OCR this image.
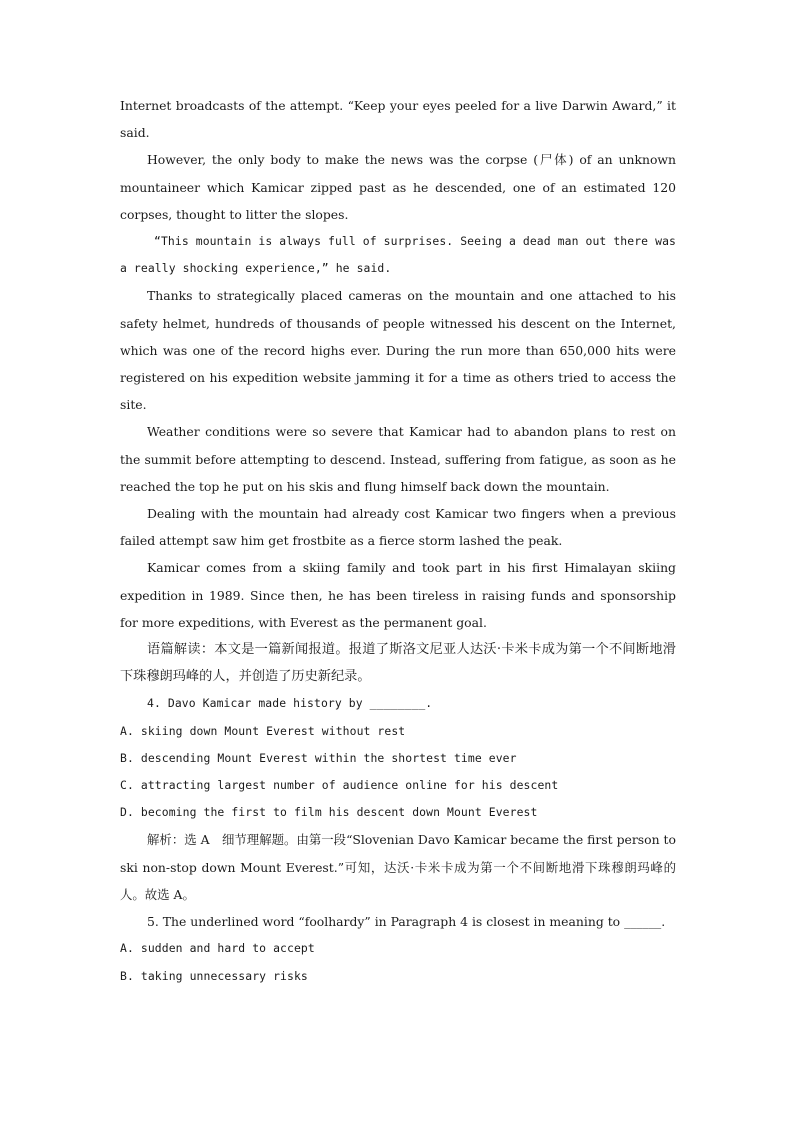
Internet broadcasts of the attempt. “Keep your eyes peeled for a live Darwin Award,” it said.

However, the only body to make the news was the corpse (尸体) of an unknown mountaineer which Kamicar zipped past as he descended, one of an estimated 120 corpses, thought to litter the slopes.

“This mountain is always full of surprises. Seeing a dead man out there was a really shocking experience,” he said.

Thanks to strategically placed cameras on the mountain and one attached to his safety helmet, hundreds of thousands of people witnessed his descent on the Internet, which was one of the record highs ever. During the run more than 650,000 hits were registered on his expedition website jamming it for a time as others tried to access the site.

Weather conditions were so severe that Kamicar had to abandon plans to rest on the summit before attempting to descend. Instead, suffering from fatigue, as soon as he reached the top he put on his skis and flung himself back down the mountain.

Dealing with the mountain had already cost Kamicar two fingers when a previous failed attempt saw him get frostbite as a fierce storm lashed the peak.

Kamicar comes from a skiing family and took part in his first Himalayan skiing expedition in 1989. Since then, he has been tireless in raising funds and sponsorship for more expeditions, with Everest as the permanent goal.

语篇解读：本文是一篇新闻报道。报道了斯洛文尼亚人达沃·卡米卡成为第一个不间断地滑下珠穆朗玛峰的人，并创造了历史新纪录。

4. Davo Kamicar made history by ________.

A. skiing down Mount Everest without rest

B. descending Mount Everest within the shortest time ever

C. attracting largest number of audience online for his descent

D. becoming the first to film his descent down Mount Everest

解析：选 A　细节理解题。由第一段“Slovenian Davo Kamicar became the first person to ski non-stop down Mount Everest.”可知，达沃·卡米卡成为第一个不间断地滑下珠穆朗玛峰的人。故选 A。

5. The underlined word “foolhardy” in Paragraph 4 is closest in meaning to ______.

A. sudden and hard to accept

B. taking unnecessary risks
